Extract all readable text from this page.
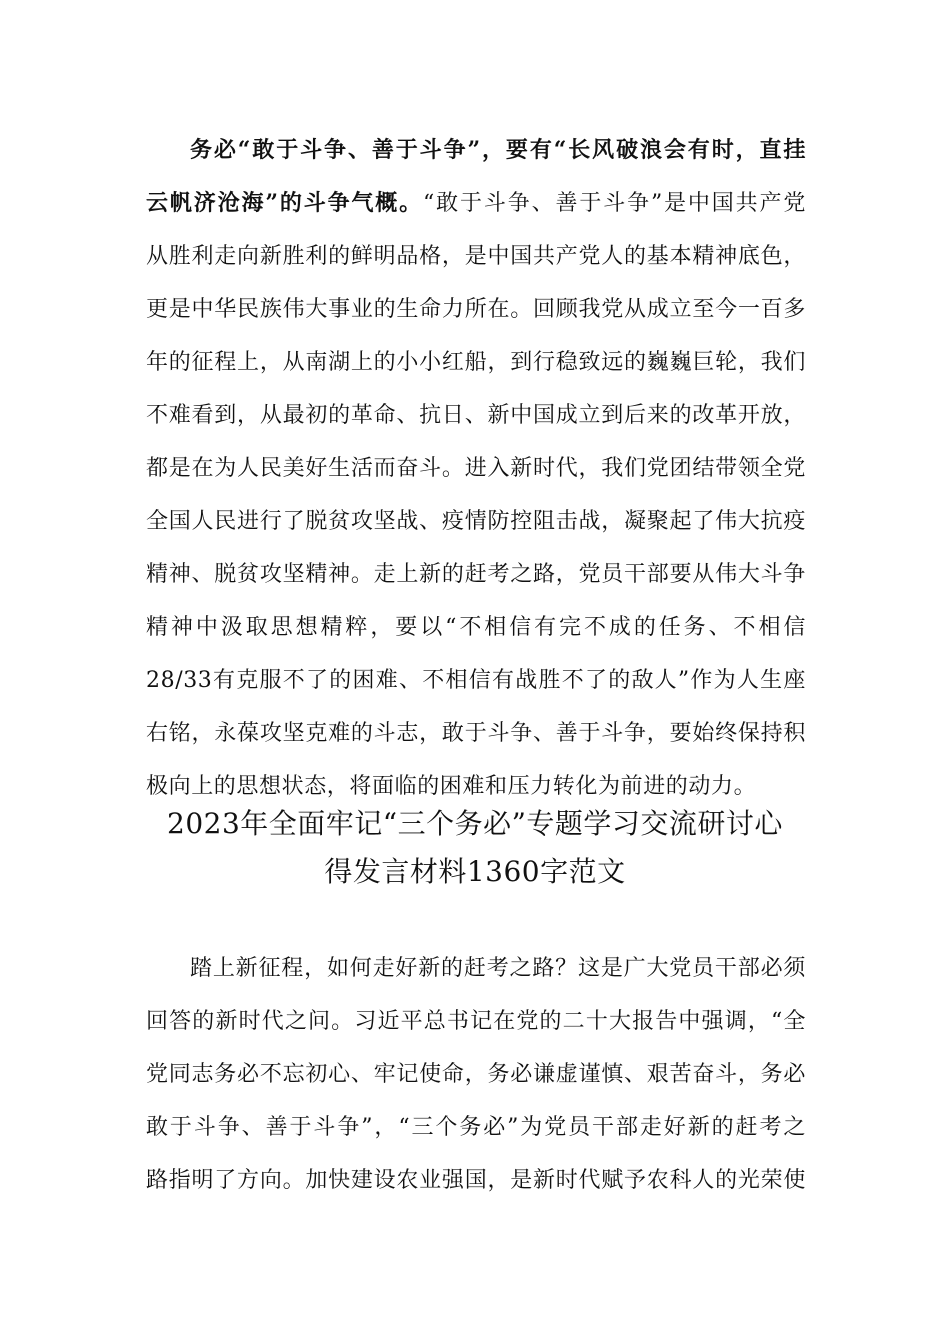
务必“敢于斗争、善于斗争”，要有“长风破浪会有时，直挂
云帆济沧海”的斗争气概。“敢于斗争、善于斗争”是中国共产党
从胜利走向新胜利的鲜明品格，是中国共产党人的基本精神底色，
更是中华民族伟大事业的生命力所在。回顾我党从成立至今一百多
年的征程上，从南湖上的小小红船，到行稳致远的巍巍巨轮，我们
不难看到，从最初的革命、抗日、新中国成立到后来的改革开放，
都是在为人民美好生活而奋斗。进入新时代，我们党团结带领全党
全国人民进行了脱贫攻坚战、疫情防控阻击战，凝聚起了伟大抗疫
精神、脱贫攻坚精神。走上新的赶考之路，党员干部要从伟大斗争
精神中汲取思想精粹，要以“不相信有完不成的任务、不相信
28/33有克服不了的困难、不相信有战胜不了的敌人”作为人生座
右铭，永葆攻坚克难的斗志，敢于斗争、善于斗争，要始终保持积
极向上的思想状态，将面临的困难和压力转化为前进的动力。
2023年全面牢记“三个务必”专题学习交流研讨心
得发言材料1360字范文
踏上新征程，如何走好新的赶考之路？这是广大党员干部必须
回答的新时代之问。习近平总书记在党的二十大报告中强调，“全
党同志务必不忘初心、牢记使命，务必谦虚谨慎、艰苦奋斗，务必
敢于斗争、善于斗争”，“三个务必”为党员干部走好新的赶考之
路指明了方向。加快建设农业强国，是新时代赋予农科人的光荣使
